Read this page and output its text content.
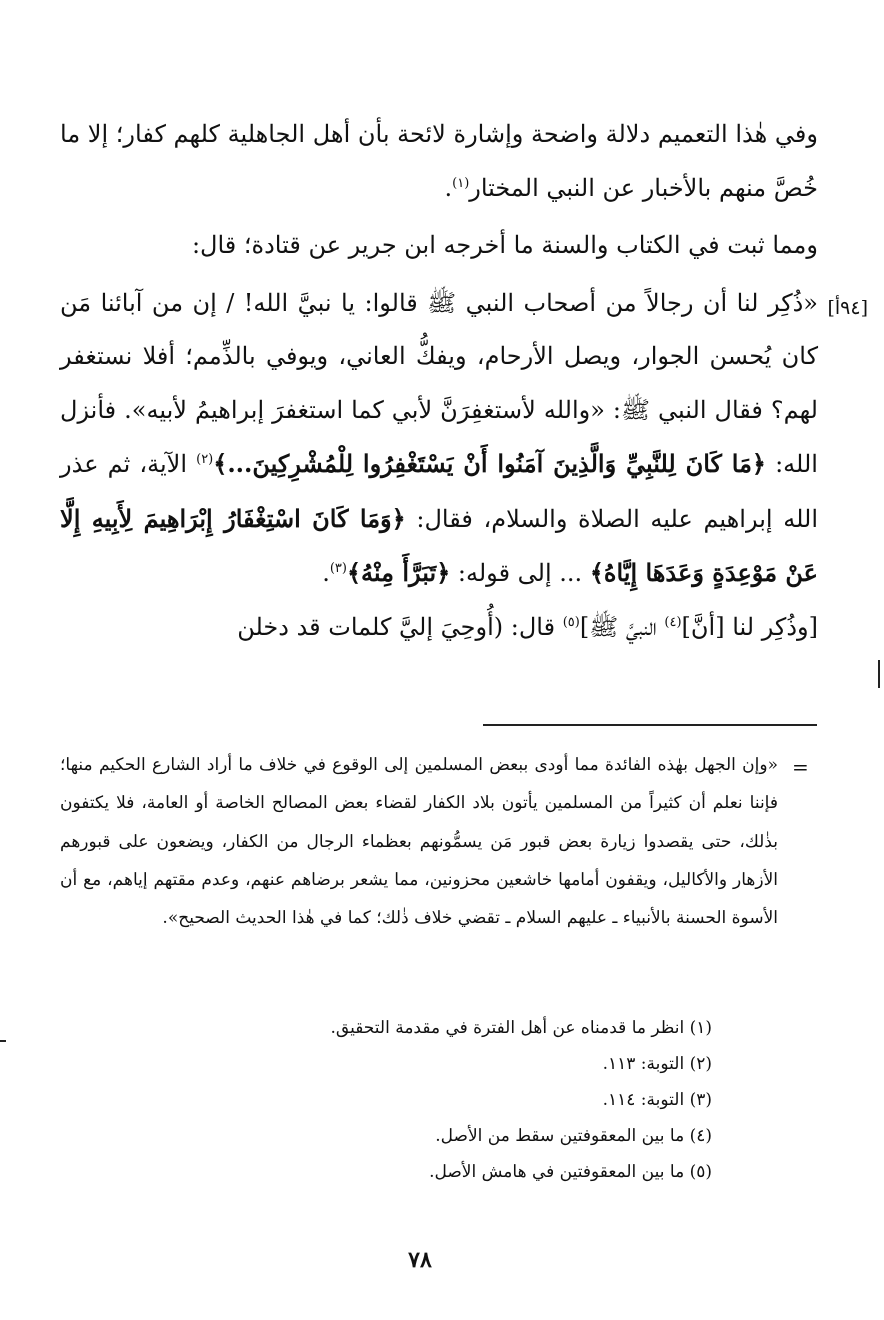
وفي هٰذا التعميم دلالة واضحة وإشارة لائحة بأن أهل الجاهلية كلهم كفار؛ إلا ما خُصَّ منهم بالأخبار عن النبي المختار$^{(١)}$.

ومما ثبت في الكتاب والسنة ما أخرجه ابن جرير عن قتادة؛ قال:

«ذُكِر لنا أن رجالاً من أصحاب النبي ﷺ قالوا: يا نبيَّ الله! / إن من آبائنا مَن كان يُحسن الجوار، ويصل الأرحام، ويفكُّ العاني، ويوفي بالذِّمم؛ أفلا نستغفر لهم؟ فقال النبي ﷺ: «والله لأستغفِرَنَّ لأبي كما استغفرَ إبراهيمُ لأبيه». فأنزل الله: ﴿مَا كَانَ لِلنَّبِيِّ وَالَّذِينَ آمَنُوا أَنْ يَسْتَغْفِرُوا لِلْمُشْرِكِينَ...﴾$^{(٢)}$ الآية، ثم عذر الله إبراهيم عليه الصلاة والسلام، فقال: ﴿وَمَا كَانَ اسْتِغْفَارُ إِبْرَاهِيمَ لِأَبِيهِ إِلَّا عَنْ مَوْعِدَةٍ وَعَدَهَا إِيَّاهُ﴾ ... إلى قوله: ﴿تَبَرَّأَ مِنْهُ﴾$^{(٣)}$.

[وذُكِر لنا [أنَّ]$^{(٤)}$ النبيَّ ﷺ]$^{(٥)}$ قال: (أُوحِيَ إليَّ كلمات قد دخلن

[٩٤أ]
=

«وإن الجهل بهٰذه الفائدة مما أودى ببعض المسلمين إلى الوقوع في خلاف ما أراد الشارع الحكيم منها؛ فإننا نعلم أن كثيراً من المسلمين يأتون بلاد الكفار لقضاء بعض المصالح الخاصة أو العامة، فلا يكتفون بذٰلك، حتى يقصدوا زيارة بعض قبور مَن يسمُّونهم بعظماء الرجال من الكفار، ويضعون على قبورهم الأزهار والأكاليل، ويقفون أمامها خاشعين محزونين، مما يشعر برضاهم عنهم، وعدم مقتهم إياهم، مع أن الأسوة الحسنة بالأنبياء ـ عليهم السلام ـ تقضي خلاف ذٰلك؛ كما في هٰذا الحديث الصحيح».

(١) انظر ما قدمناه عن أهل الفترة في مقدمة التحقيق.

(٢) التوبة: ١١٣.

(٣) التوبة: ١١٤.

(٤) ما بين المعقوفتين سقط من الأصل.

(٥) ما بين المعقوفتين في هامش الأصل.

٧٨
